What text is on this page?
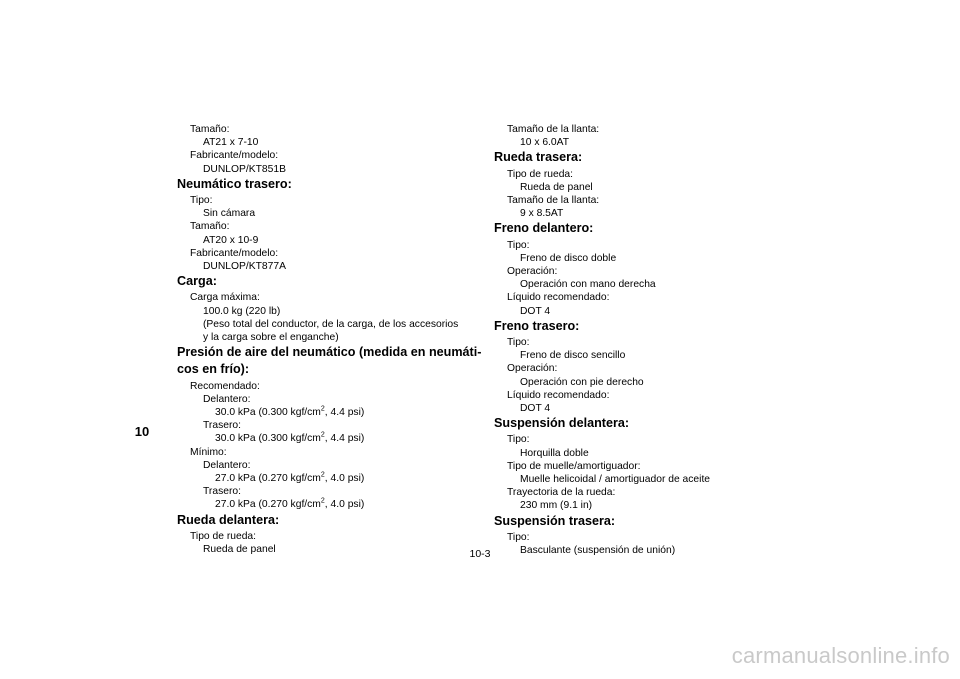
Tamaño:
AT21 x 7-10
Fabricante/modelo:
DUNLOP/KT851B
Neumático trasero:
Tipo:
Sin cámara
Tamaño:
AT20 x 10-9
Fabricante/modelo:
DUNLOP/KT877A
Carga:
Carga máxima:
100.0 kg (220 lb)
(Peso total del conductor, de la carga, de los accesorios
y la carga sobre el enganche)
Presión de aire del neumático (medida en neumáti-
cos en frío):
Recomendado:
Delantero:
30.0 kPa (0.300 kgf/$cm^2$, 4.4 psi)
Trasero:
30.0 kPa (0.300 kgf/$cm^2$, 4.4 psi)
Mínimo:
Delantero:
27.0 kPa (0.270 kgf/$cm^2$, 4.0 psi)
Trasero:
27.0 kPa (0.270 kgf/$cm^2$, 4.0 psi)
Rueda delantera:
Tipo de rueda:
Rueda de panel
Tamaño de la llanta:
10 x 6.0AT
Rueda trasera:
Tipo de rueda:
Rueda de panel
Tamaño de la llanta:
9 x 8.5AT
Freno delantero:
Tipo:
Freno de disco doble
Operación:
Operación con mano derecha
Líquido recomendado:
DOT 4
Freno trasero:
Tipo:
Freno de disco sencillo
Operación:
Operación con pie derecho
Líquido recomendado:
DOT 4
Suspensión delantera:
Tipo:
Horquilla doble
Tipo de muelle/amortiguador:
Muelle helicoidal / amortiguador de aceite
Trayectoria de la rueda:
230 mm (9.1 in)
Suspensión trasera:
Tipo:
Basculante (suspensión de unión)
10
10-3
carmanualsonline.info
